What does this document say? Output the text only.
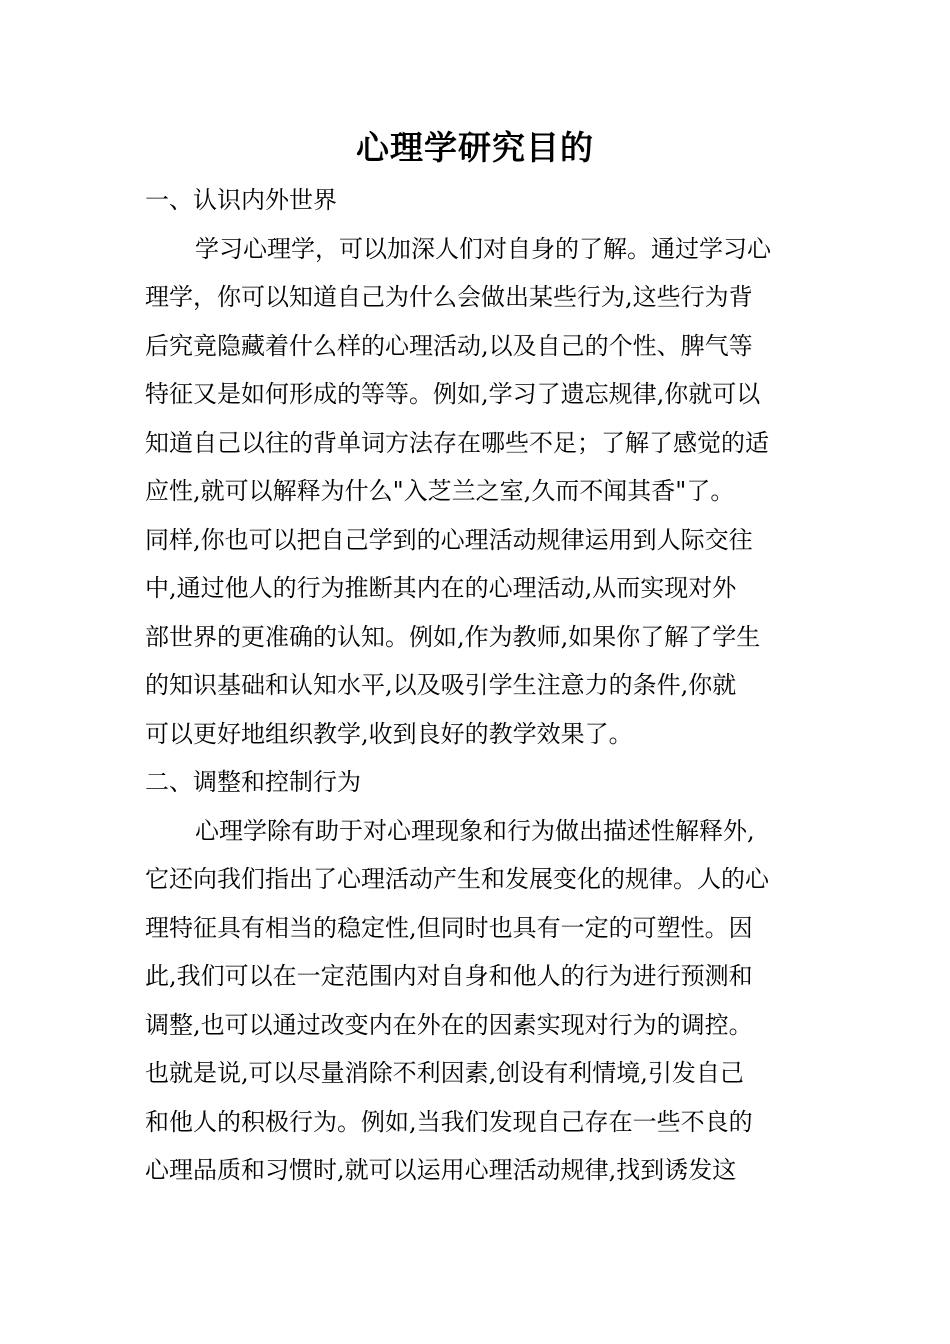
心理学研究目的
一、认识内外世界
学习心理学，可以加深人们对自身的了解。通过学习心
理学，你可以知道自己为什么会做出某些行为,这些行为背
后究竟隐藏着什么样的心理活动,以及自己的个性、脾气等
特征又是如何形成的等等。例如,学习了遗忘规律,你就可以
知道自己以往的背单词方法存在哪些不足；了解了感觉的适
应性,就可以解释为什么"入芝兰之室,久而不闻其香"了。
同样,你也可以把自己学到的心理活动规律运用到人际交往
中,通过他人的行为推断其内在的心理活动,从而实现对外
部世界的更准确的认知。例如,作为教师,如果你了解了学生
的知识基础和认知水平,以及吸引学生注意力的条件,你就
可以更好地组织教学,收到良好的教学效果了。
二、调整和控制行为
心理学除有助于对心理现象和行为做出描述性解释外,
它还向我们指出了心理活动产生和发展变化的规律。人的心
理特征具有相当的稳定性,但同时也具有一定的可塑性。因
此,我们可以在一定范围内对自身和他人的行为进行预测和
调整,也可以通过改变内在外在的因素实现对行为的调控。
也就是说,可以尽量消除不利因素,创设有利情境,引发自己
和他人的积极行为。例如,当我们发现自己存在一些不良的
心理品质和习惯时,就可以运用心理活动规律,找到诱发这
